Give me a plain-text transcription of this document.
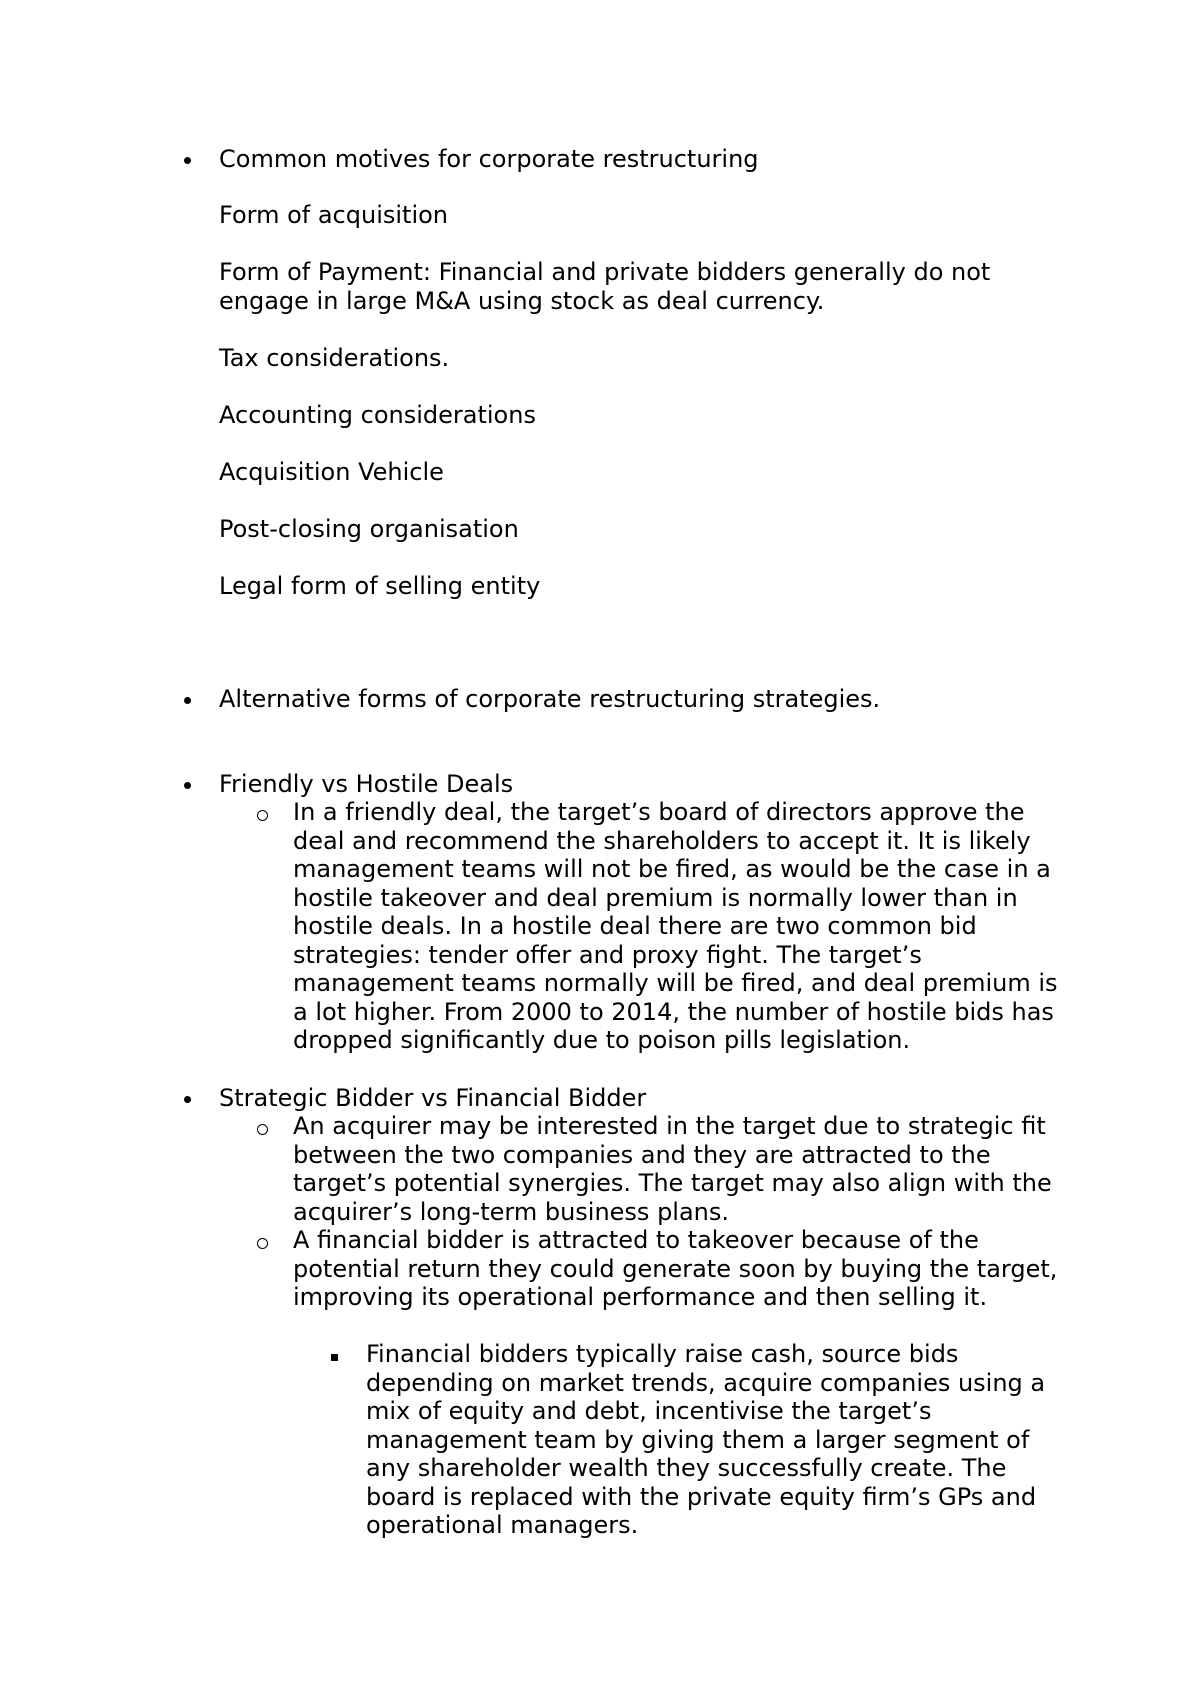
Common motives for corporate restructuring

Form of acquisition

Form of Payment: Financial and private bidders generally do not engage in large M&A using stock as deal currency.

Tax considerations.

Accounting considerations

Acquisition Vehicle

Post-closing organisation

Legal form of selling entity

Alternative forms of corporate restructuring strategies.

Friendly vs Hostile Deals

In a friendly deal, the target’s board of directors approve the deal and recommend the shareholders to accept it. It is likely management teams will not be fired, as would be the case in a hostile takeover and deal premium is normally lower than in hostile deals. In a hostile deal there are two common bid strategies: tender offer and proxy fight. The target’s management teams normally will be fired, and deal premium is a lot higher. From 2000 to 2014, the number of hostile bids has dropped significantly due to poison pills legislation.

Strategic Bidder vs Financial Bidder

An acquirer may be interested in the target due to strategic fit between the two companies and they are attracted to the target’s potential synergies. The target may also align with the acquirer’s long-term business plans.

A financial bidder is attracted to takeover because of the potential return they could generate soon by buying the target, improving its operational performance and then selling it.

Financial bidders typically raise cash, source bids depending on market trends, acquire companies using a mix of equity and debt, incentivise the target’s management team by giving them a larger segment of any shareholder wealth they successfully create. The board is replaced with the private equity firm’s GPs and operational managers.
